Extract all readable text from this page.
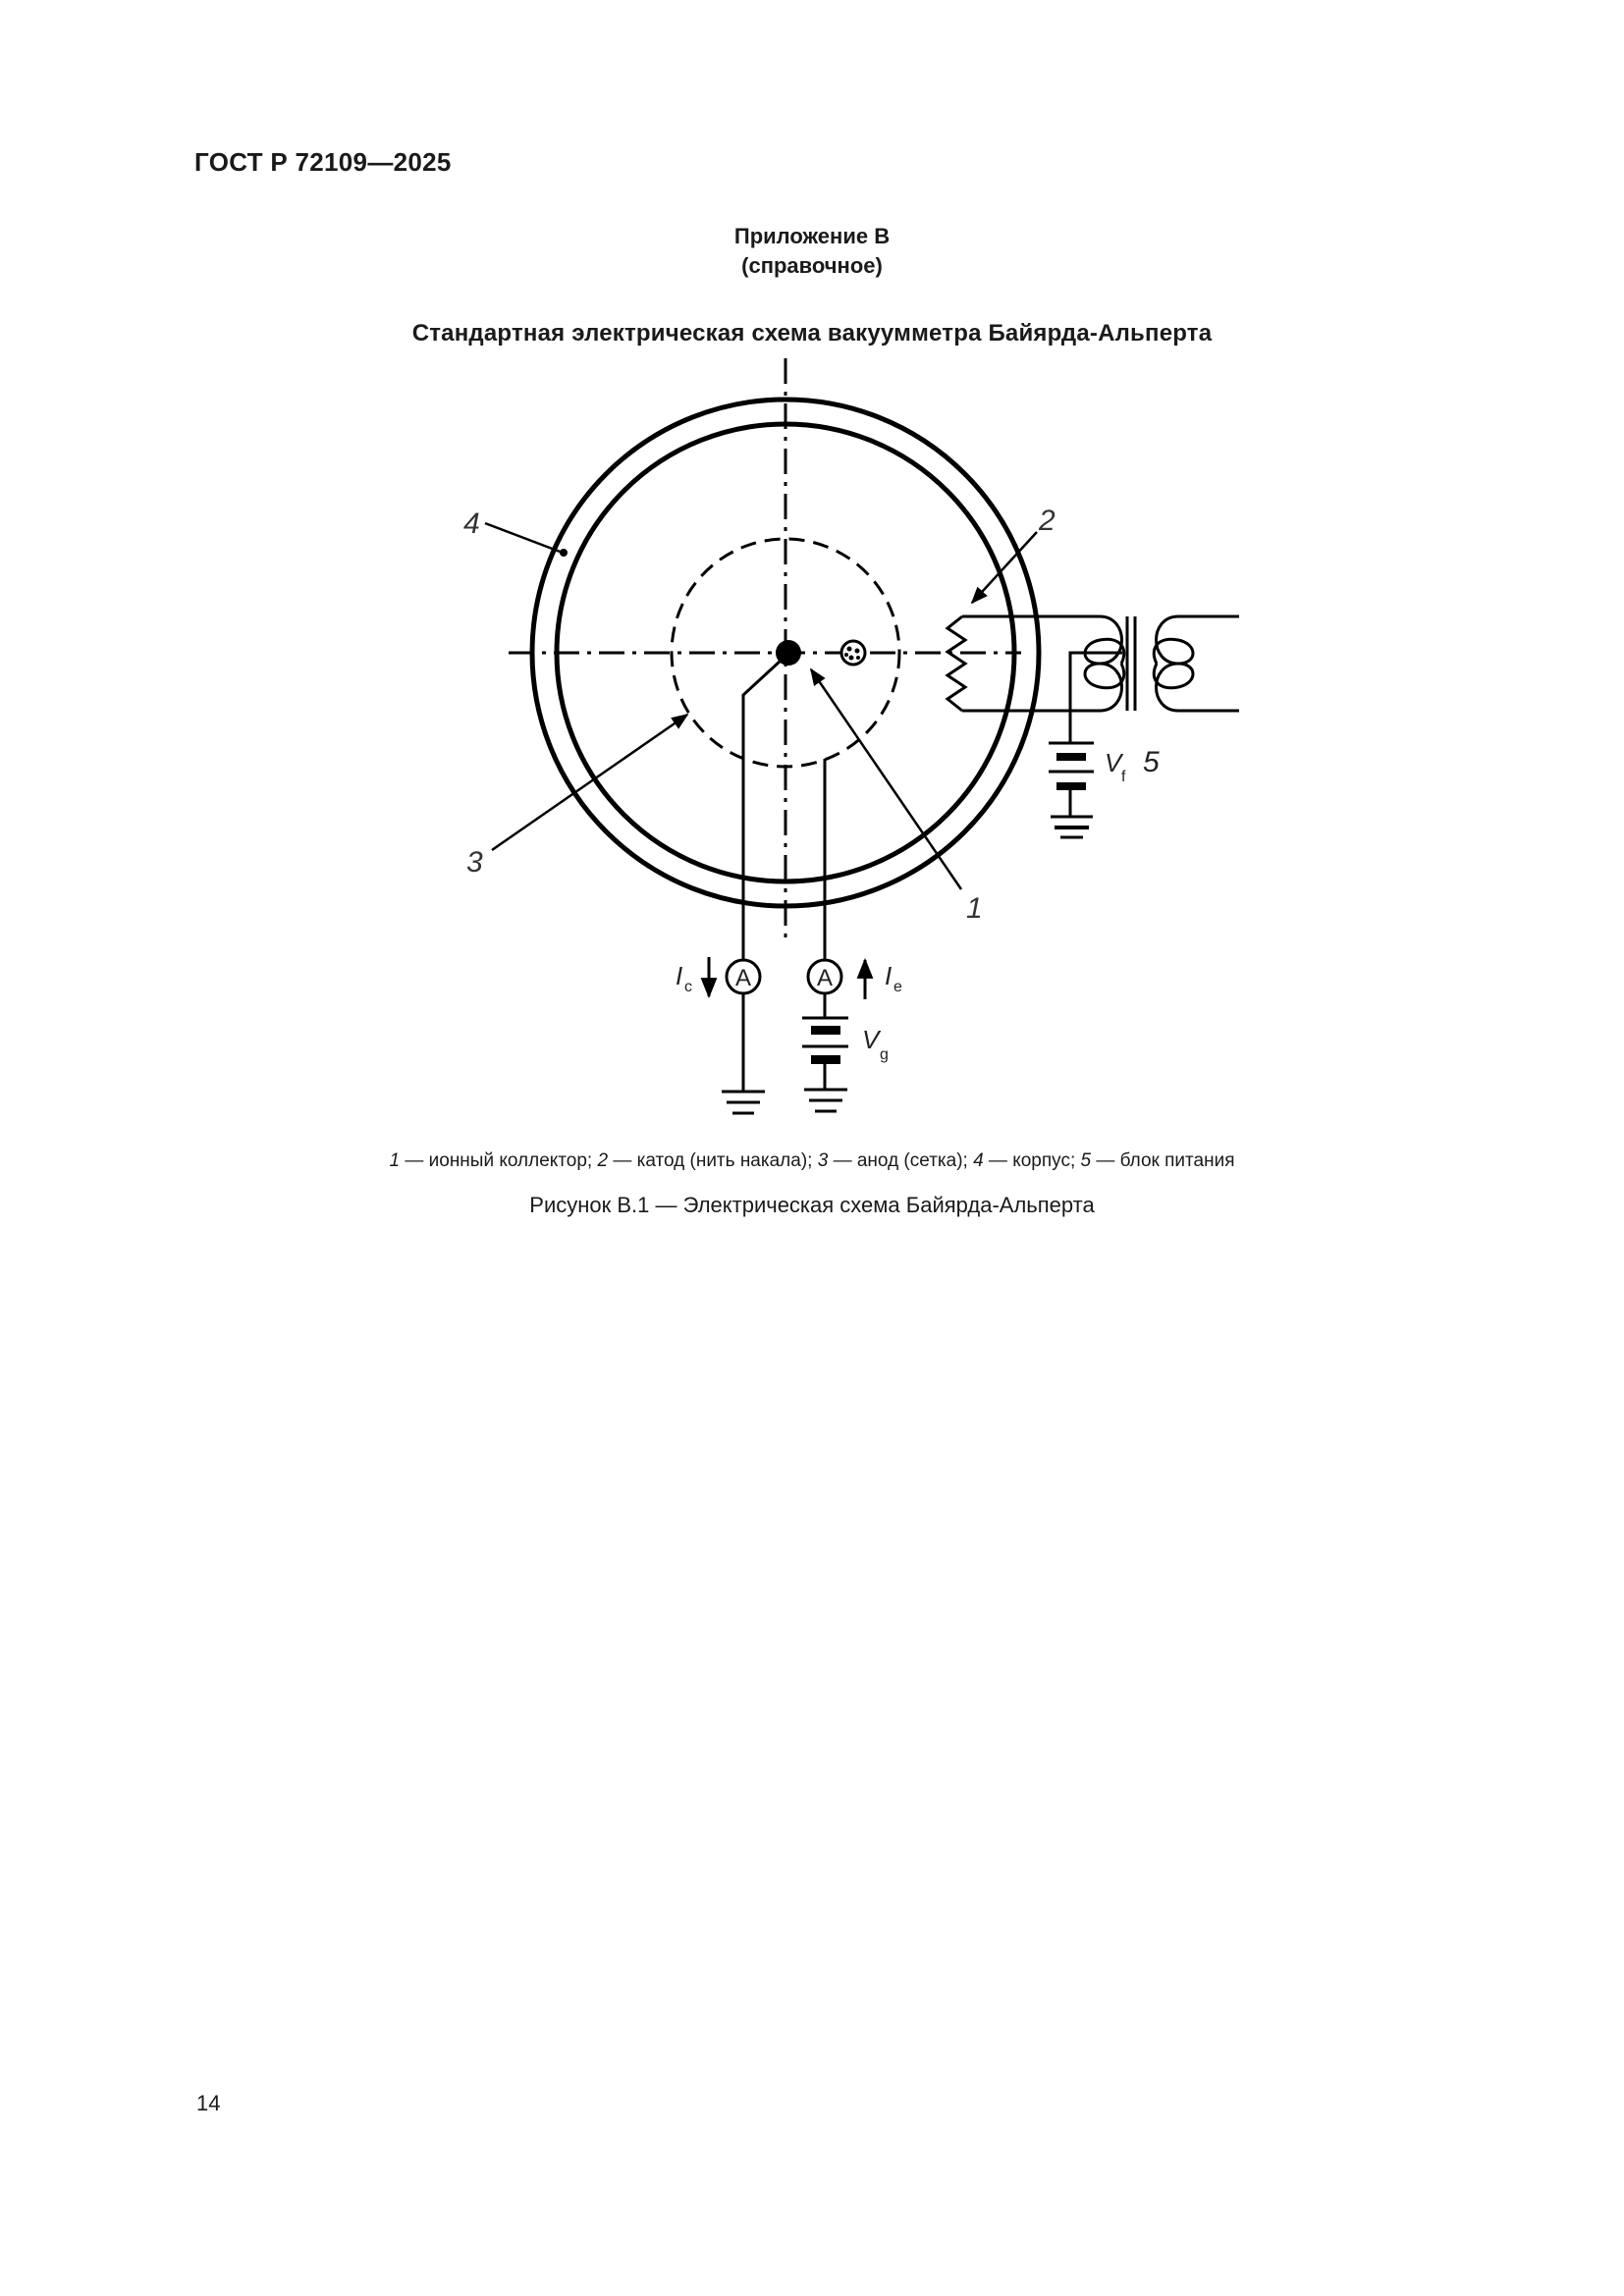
ГОСТ Р 72109—2025
Приложение В
(справочное)
Стандартная электрическая схема вакуумметра Байярда-Альперта
V f 5
A
I c	A I e
V
g
4	2
3
1
1 — ионный коллектор; 2 — катод (нить накала); 3 — анод (сетка); 4 — корпус; 5 — блок питания
Рисунок В.1 — Электрическая схема Байярда-Альперта
14
